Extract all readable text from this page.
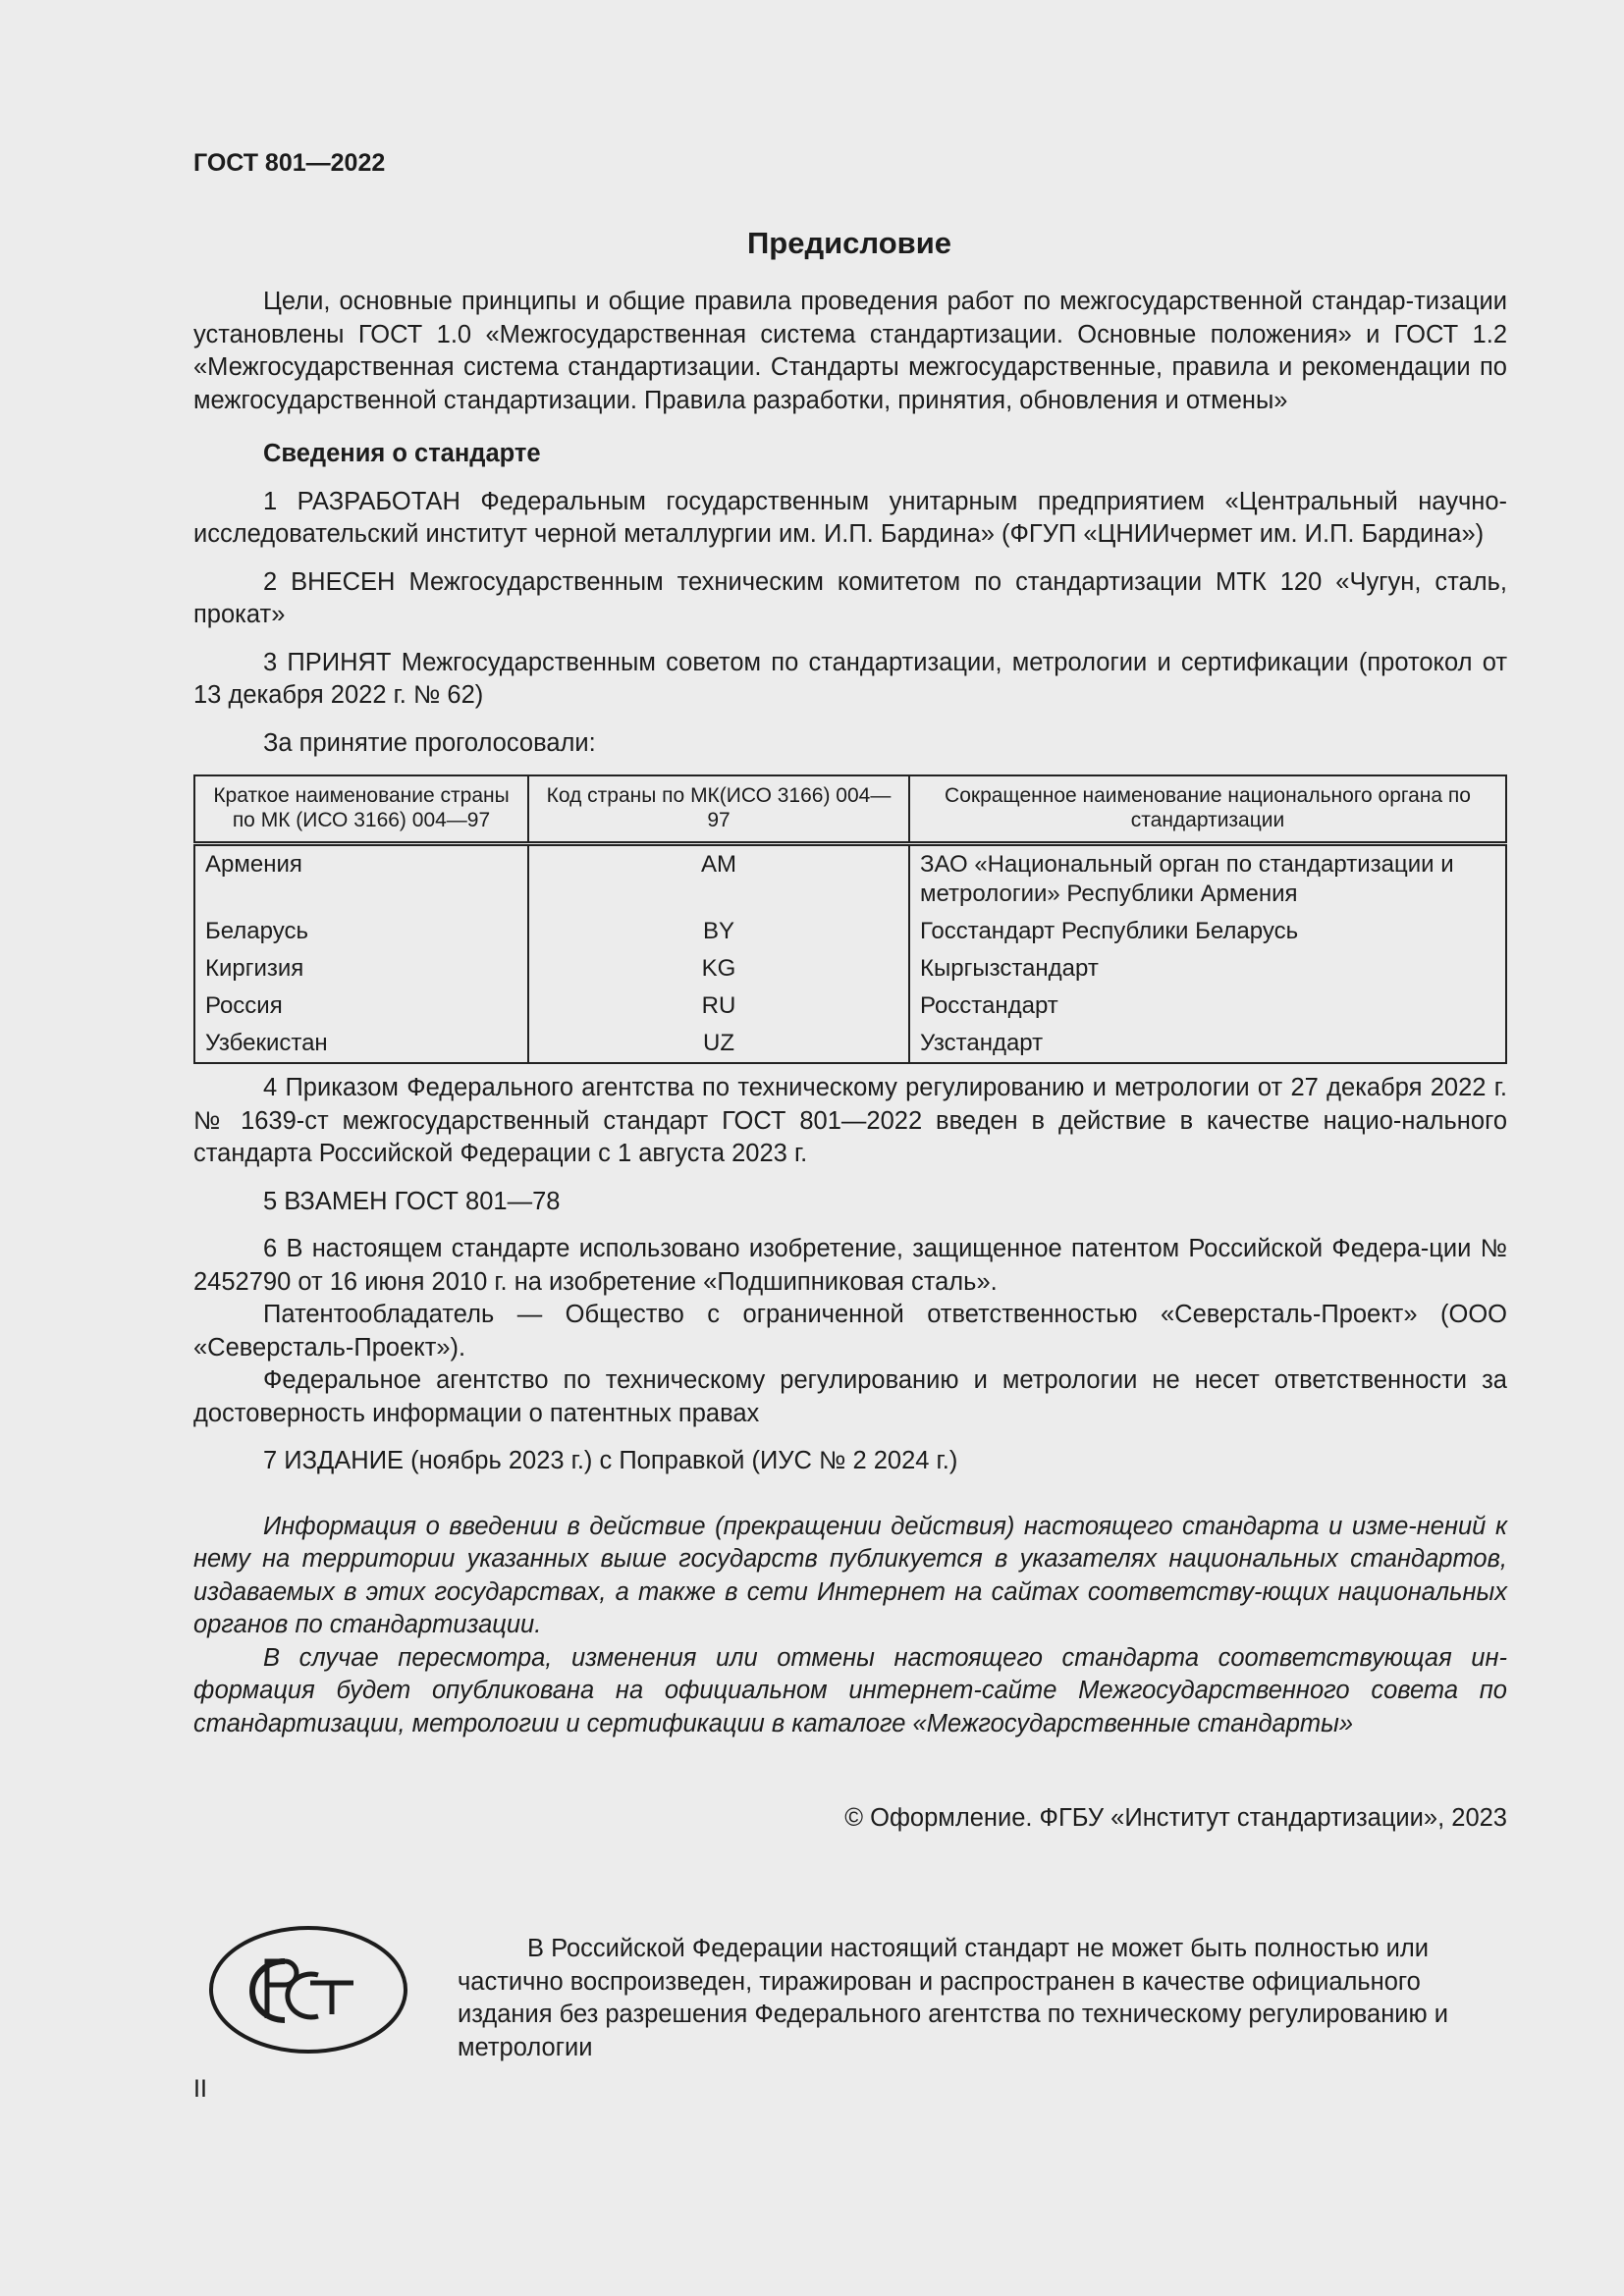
ГОСТ 801—2022
Предисловие

Цели, основные принципы и общие правила проведения работ по межгосударственной стандар-тизации установлены ГОСТ 1.0 «Межгосударственная система стандартизации. Основные положения» и ГОСТ 1.2 «Межгосударственная система стандартизации. Стандарты межгосударственные, правила и рекомендации по межгосударственной стандартизации. Правила разработки, принятия, обновления и отмены»

Сведения о стандарте

1 РАЗРАБОТАН Федеральным государственным унитарным предприятием «Центральный научно-исследовательский институт черной металлургии им. И.П. Бардина» (ФГУП «ЦНИИчермет им. И.П. Бардина»)

2 ВНЕСЕН Межгосударственным техническим комитетом по стандартизации МТК 120 «Чугун, сталь, прокат»

3 ПРИНЯТ Межгосударственным советом по стандартизации, метрологии и сертификации (протокол от 13 декабря 2022 г. № 62)

За принятие проголосовали:

Краткое наименование страны по МК (ИСО 3166) 004—97	Код страны по МК(ИСО 3166) 004—97	Сокращенное наименование национального органа по стандартизации
Армения	AM	ЗАО «Национальный орган по стандартизации и метрологии» Республики Армения
Беларусь	BY	Госстандарт Республики Беларусь
Киргизия	KG	Кыргызстандарт
Россия	RU	Росстандарт
Узбекистан	UZ	Узстандарт

4 Приказом Федерального агентства по техническому регулированию и метрологии от 27 декабря 2022 г. № 1639-ст межгосударственный стандарт ГОСТ 801—2022 введен в действие в качестве нацио-нального стандарта Российской Федерации с 1 августа 2023 г.

5 ВЗАМЕН ГОСТ 801—78

6 В настоящем стандарте использовано изобретение, защищенное патентом Российской Федера-ции № 2452790 от 16 июня 2010 г. на изобретение «Подшипниковая сталь».

Патентообладатель — Общество с ограниченной ответственностью «Северсталь-Проект» (ООО «Северсталь-Проект»).

Федеральное агентство по техническому регулированию и метрологии не несет ответственности за достоверность информации о патентных правах

7 ИЗДАНИЕ (ноябрь 2023 г.) с Поправкой (ИУС № 2 2024 г.)

Информация о введении в действие (прекращении действия) настоящего стандарта и изме-нений к нему на территории указанных выше государств публикуется в указателях национальных стандартов, издаваемых в этих государствах, а также в сети Интернет на сайтах соответству-ющих национальных органов по стандартизации.

В случае пересмотра, изменения или отмены настоящего стандарта соответствующая ин-формация будет опубликована на официальном интернет-сайте Межгосударственного совета по стандартизации, метрологии и сертификации в каталоге «Межгосударственные стандарты»

© Оформление. ФГБУ «Институт стандартизации», 2023

В Российской Федерации настоящий стандарт не может быть полностью или частично воспроизведен, тиражирован и распространен в качестве официального издания без разрешения Федерального агентства по техническому регулированию и метрологии
II
